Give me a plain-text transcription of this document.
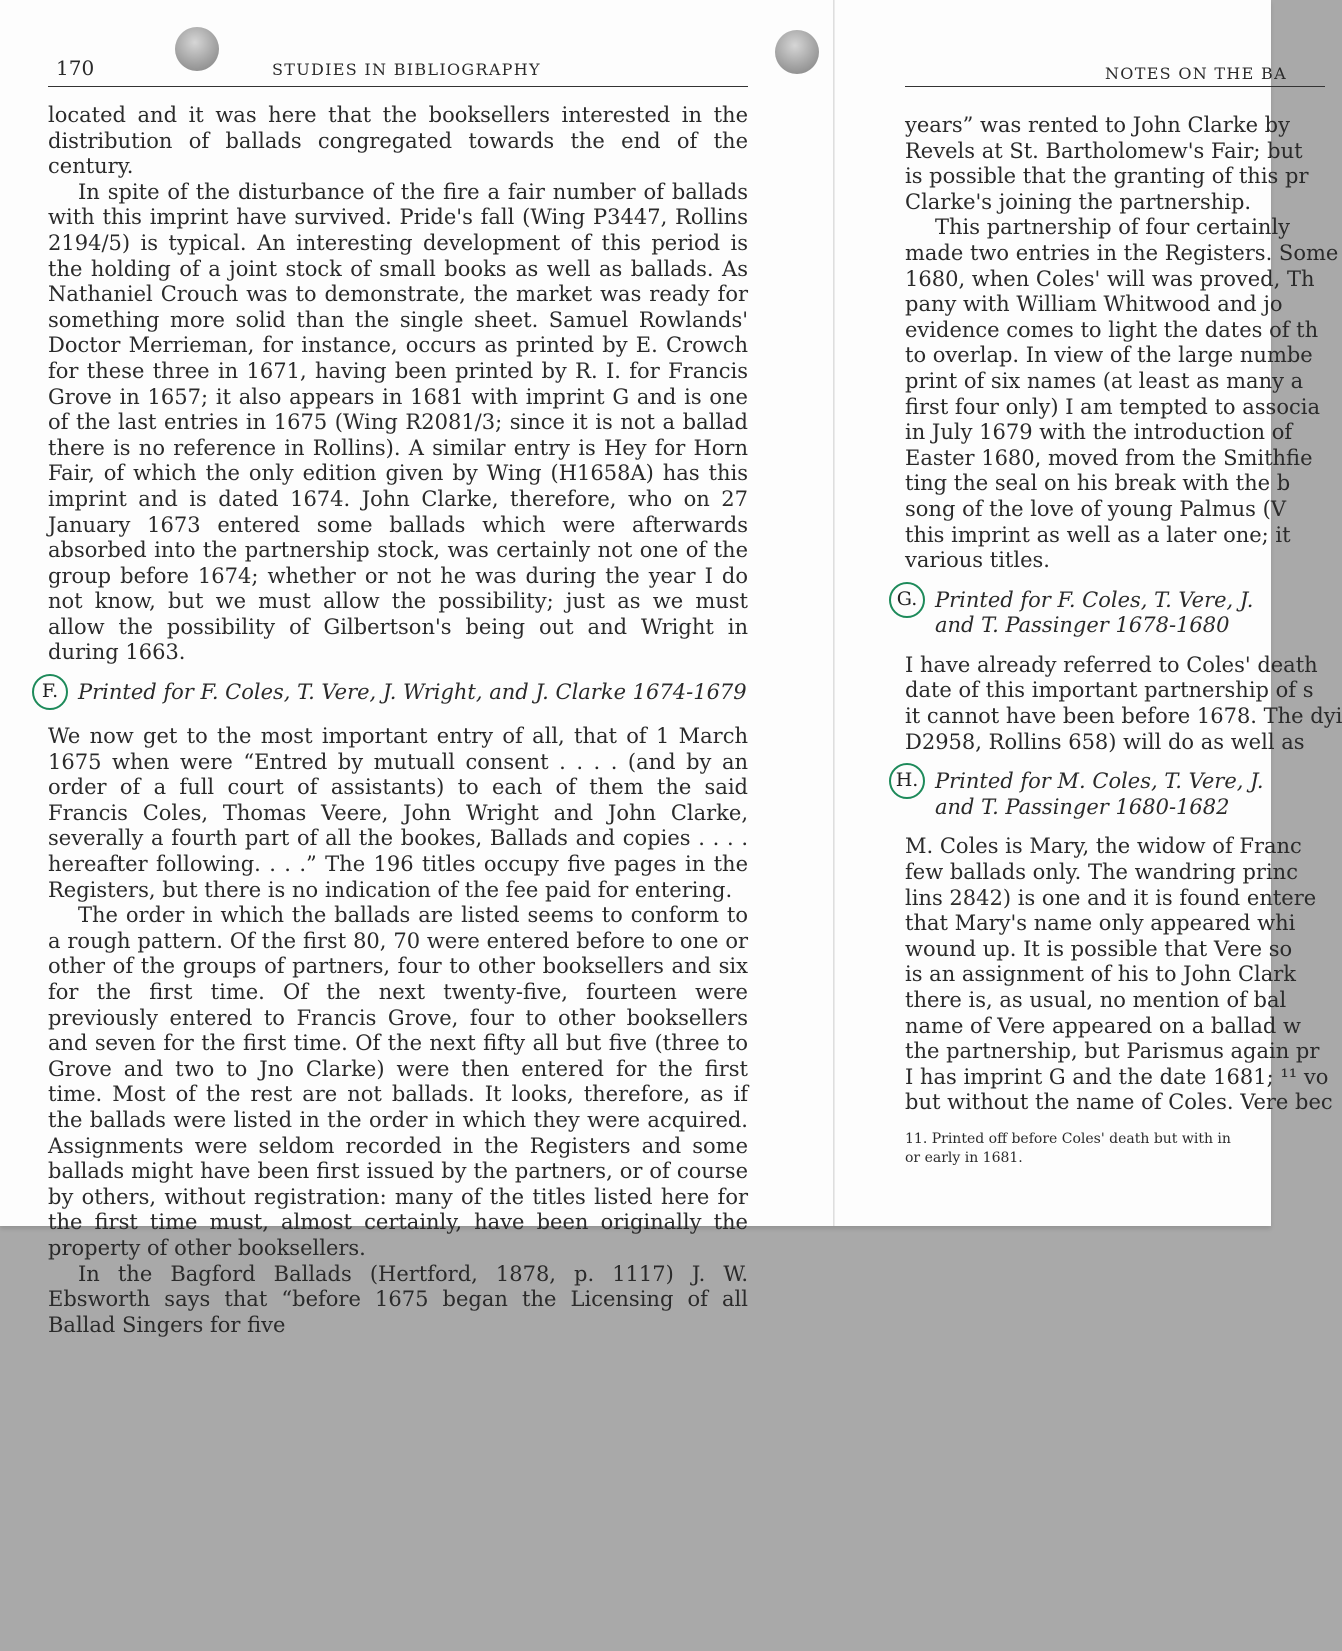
170	STUDIES IN BIBLIOGRAPHY

located and it was here that the booksellers interested in the distribution of ballads congregated towards the end of the century.

In spite of the disturbance of the fire a fair number of ballads with this imprint have survived. Pride's fall (Wing P3447, Rollins 2194/5) is typical. An interesting development of this period is the holding of a joint stock of small books as well as ballads. As Nathaniel Crouch was to demonstrate, the market was ready for something more solid than the single sheet. Samuel Rowlands' Doctor Merrieman, for instance, occurs as printed by E. Crowch for these three in 1671, having been printed by R. I. for Francis Grove in 1657; it also appears in 1681 with imprint G and is one of the last entries in 1675 (Wing R2081/3; since it is not a ballad there is no reference in Rollins). A similar entry is Hey for Horn Fair, of which the only edition given by Wing (H1658A) has this imprint and is dated 1674. John Clarke, therefore, who on 27 January 1673 entered some ballads which were afterwards absorbed into the partnership stock, was certainly not one of the group before 1674; whether or not he was during the year I do not know, but we must allow the possibility; just as we must allow the possibility of Gilbertson's being out and Wright in during 1663.

F. Printed for F. Coles, T. Vere, J. Wright, and J. Clarke 1674-1679

We now get to the most important entry of all, that of 1 March 1675 when were “Entred by mutuall consent . . . . (and by an order of a full court of assistants) to each of them the said Francis Coles, Thomas Veere, John Wright and John Clarke, severally a fourth part of all the bookes, Ballads and copies . . . . hereafter following. . . .” The 196 titles occupy five pages in the Registers, but there is no indication of the fee paid for entering.

The order in which the ballads are listed seems to conform to a rough pattern. Of the first 80, 70 were entered before to one or other of the groups of partners, four to other booksellers and six for the first time. Of the next twenty-five, fourteen were previously entered to Francis Grove, four to other booksellers and seven for the first time. Of the next fifty all but five (three to Grove and two to Jno Clarke) were then entered for the first time. Most of the rest are not ballads. It looks, therefore, as if the ballads were listed in the order in which they were acquired. Assignments were seldom recorded in the Registers and some ballads might have been first issued by the partners, or of course by others, without registration: many of the titles listed here for the first time must, almost certainly, have been originally the property of other booksellers.

In the Bagford Ballads (Hertford, 1878, p. 1117) J. W. Ebsworth says that “before 1675 began the Licensing of all Ballad Singers for five

NOTES ON THE BA
years” was rented to John Clarke by
Revels at St. Bartholomew's Fair; but
is possible that the granting of this pr
Clarke's joining the partnership.
This partnership of four certainly
made two entries in the Registers. Some
1680, when Coles' will was proved, Th
pany with William Whitwood and jo
evidence comes to light the dates of th
to overlap. In view of the large numbe
print of six names (at least as many a
first four only) I am tempted to associa
in July 1679 with the introduction of
Easter 1680, moved from the Smithfie
ting the seal on his break with the b
song of the love of young Palmus (V
this imprint as well as a later one; it
various titles.
G. Printed for F. Coles, T. Vere, J.
and T. Passinger 1678-1680
I have already referred to Coles' death
date of this important partnership of s
it cannot have been before 1678. The dyi
D2958, Rollins 658) will do as well as
H. Printed for M. Coles, T. Vere, J.
and T. Passinger 1680-1682
M. Coles is Mary, the widow of Franc
few ballads only. The wandring princ
lins 2842) is one and it is found entere
that Mary's name only appeared whi
wound up. It is possible that Vere so
is an assignment of his to John Clark
there is, as usual, no mention of bal
name of Vere appeared on a ballad w
the partnership, but Parismus again pr
I has imprint G and the date 1681; ¹¹ vo
but without the name of Coles. Vere bec
11. Printed off before Coles' death but with in
or early in 1681.
